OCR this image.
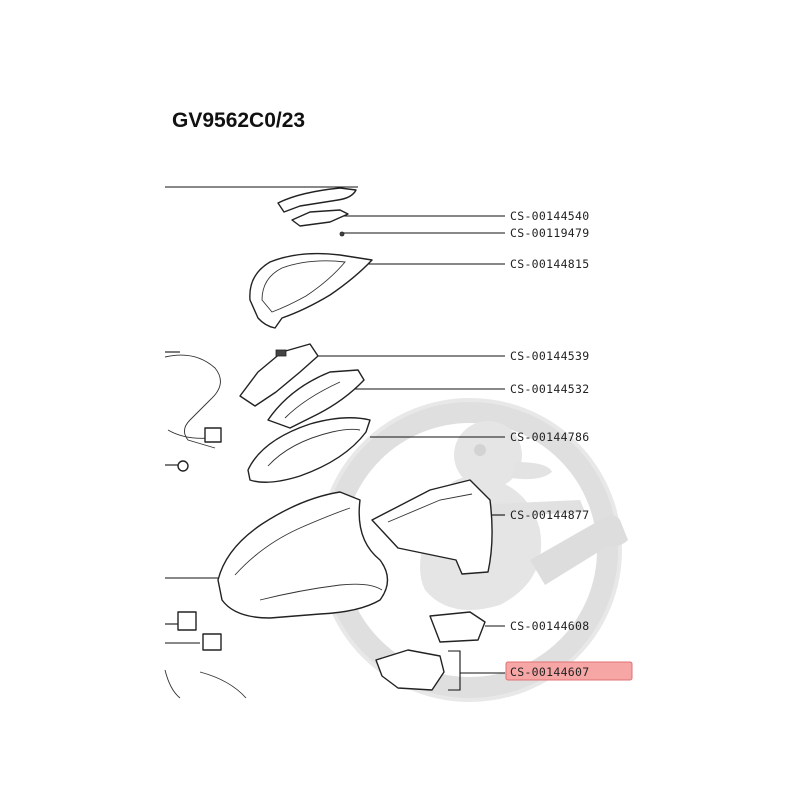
GV9562C0/23
CS-00144540
CS-00119479
CS-00144815
CS-00144539
CS-00144532
CS-00144786
CS-00144877
CS-00144608
CS-00144607
